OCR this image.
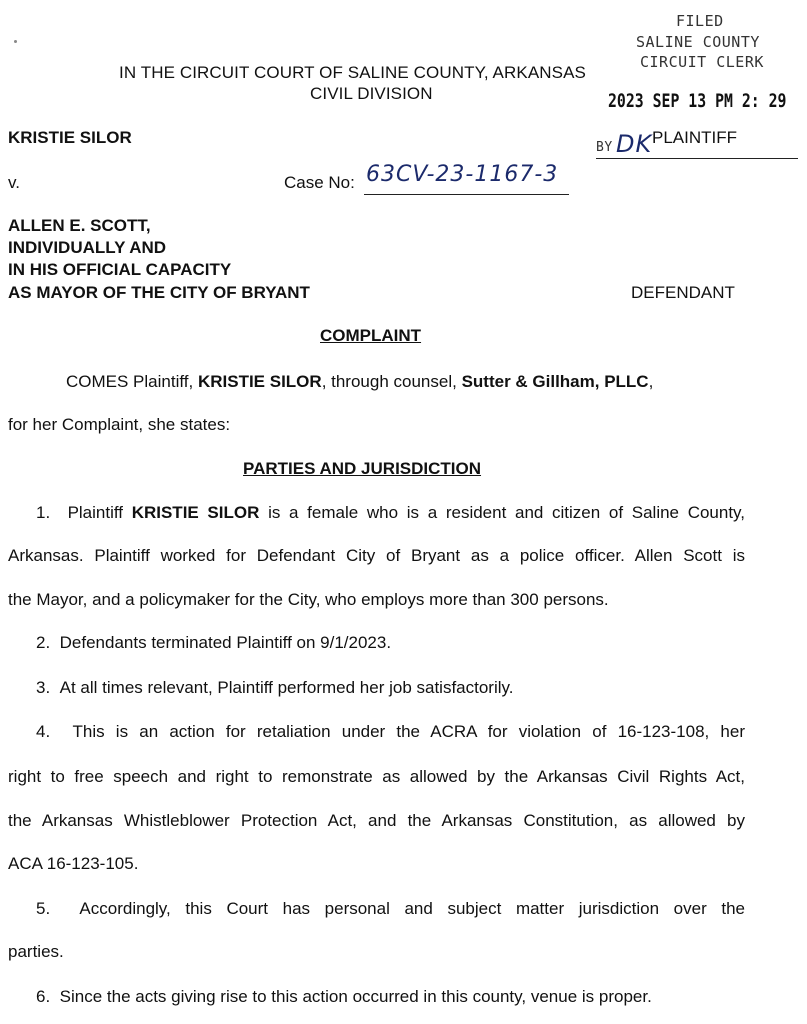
FILED
SALINE COUNTY
CIRCUIT CLERK
2023 SEP 13 PM 2: 29
BY DK
IN THE CIRCUIT COURT OF SALINE COUNTY, ARKANSAS
CIVIL DIVISION
KRISTIE SILOR	PLAINTIFF
v.	Case No: 63CV-23-1167-3
ALLEN E. SCOTT,
INDIVIDUALLY AND
IN HIS OFFICIAL CAPACITY
AS MAYOR OF THE CITY OF BRYANT	DEFENDANT
COMPLAINT
COMES Plaintiff, KRISTIE SILOR, through counsel, Sutter & Gillham, PLLC,
for her Complaint, she states:
PARTIES AND JURISDICTION
1. Plaintiff KRISTIE SILOR is a female who is a resident and citizen of Saline County,
Arkansas. Plaintiff worked for Defendant City of Bryant as a police officer. Allen Scott is
the Mayor, and a policymaker for the City, who employs more than 300 persons.
2. Defendants terminated Plaintiff on 9/1/2023.
3. At all times relevant, Plaintiff performed her job satisfactorily.
4. This is an action for retaliation under the ACRA for violation of 16-123-108, her
right to free speech and right to remonstrate as allowed by the Arkansas Civil Rights Act,
the Arkansas Whistleblower Protection Act, and the Arkansas Constitution, as allowed by
ACA 16-123-105.
5. Accordingly, this Court has personal and subject matter jurisdiction over the
parties.
6. Since the acts giving rise to this action occurred in this county, venue is proper.
